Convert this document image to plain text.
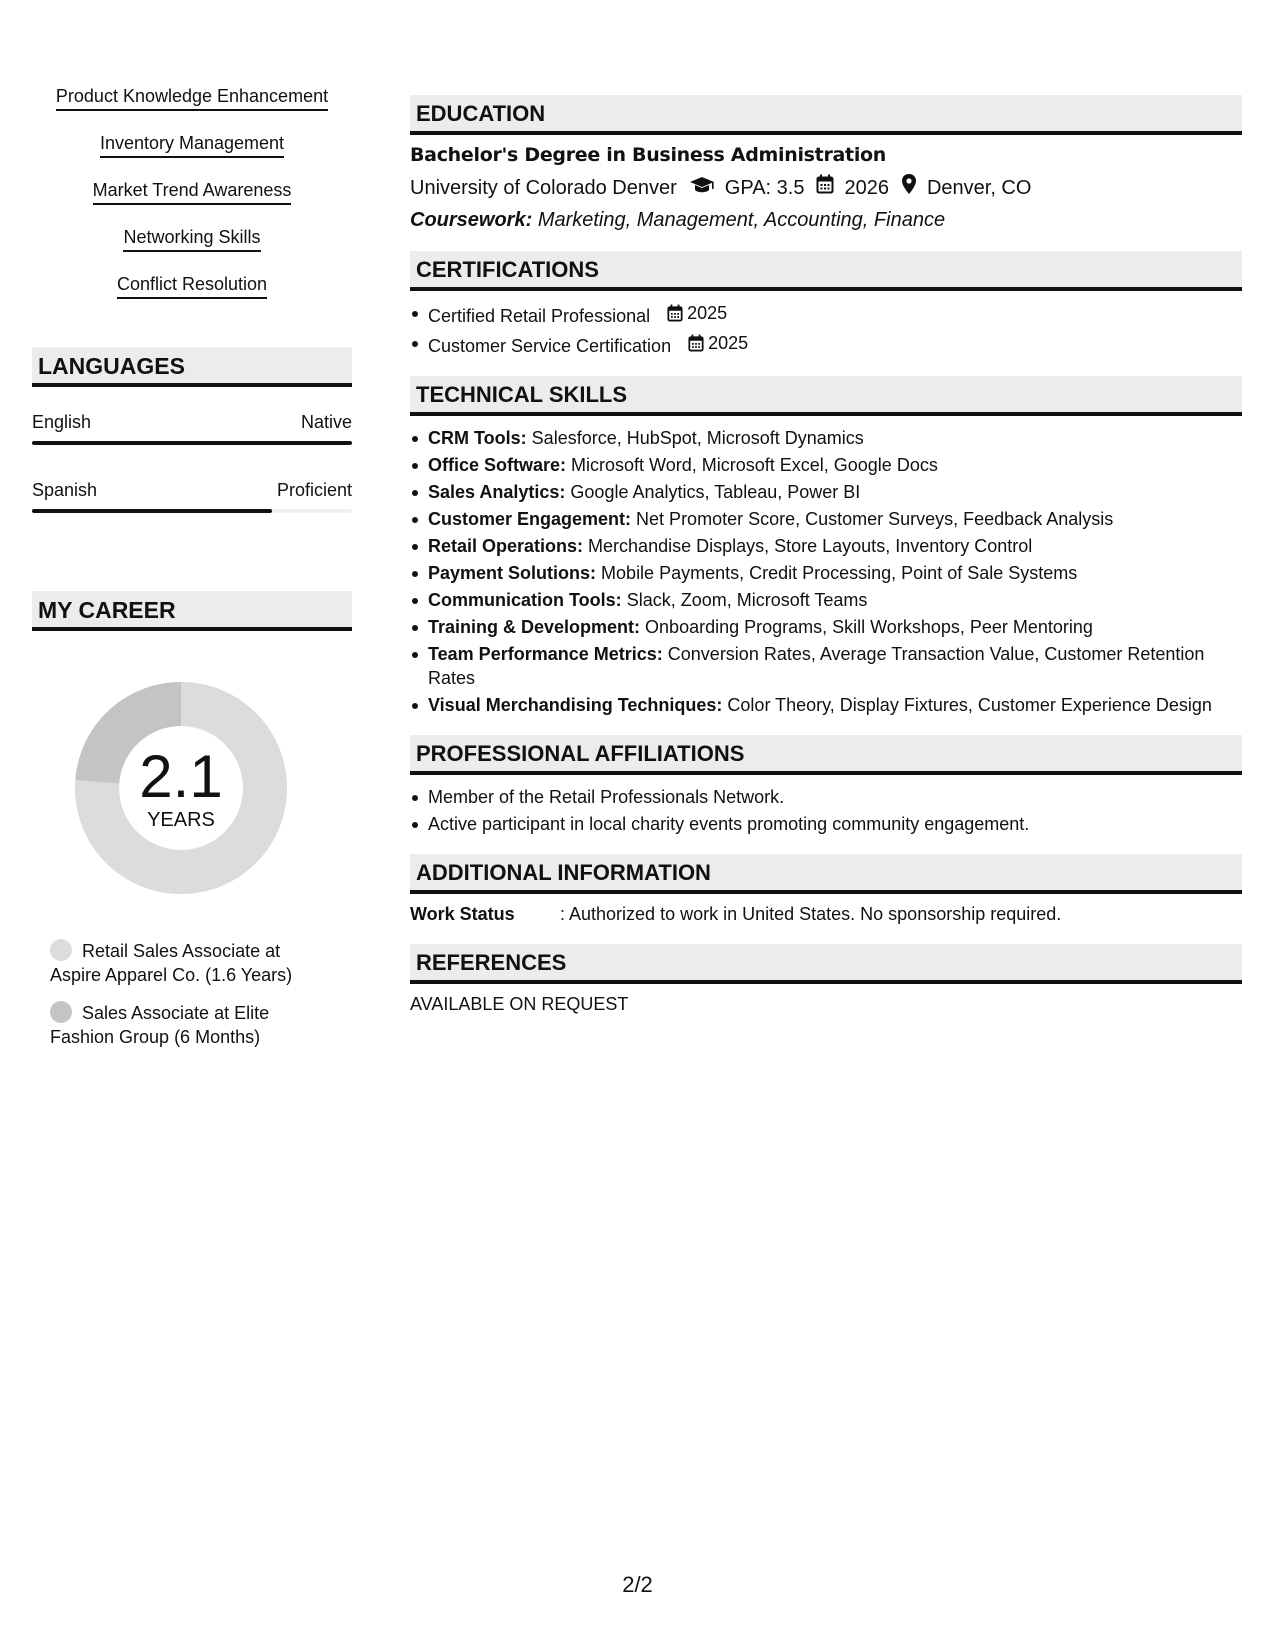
Product Knowledge Enhancement
Inventory Management
Market Trend Awareness
Networking Skills
Conflict Resolution
LANGUAGES
English	Native
Spanish	Proficient
MY CAREER
2.1
YEARS
Retail Sales Associate at Aspire Apparel Co. (1.6 Years)
Sales Associate at Elite Fashion Group (6 Months)
EDUCATION
Bachelor's Degree in Business Administration
University of Colorado Denver GPA: 3.5 2026 Denver, CO
Coursework: Marketing, Management, Accounting, Finance
CERTIFICATIONS
Certified Retail Professional 2025
Customer Service Certification 2025
TECHNICAL SKILLS
CRM Tools: Salesforce, HubSpot, Microsoft Dynamics
Office Software: Microsoft Word, Microsoft Excel, Google Docs
Sales Analytics: Google Analytics, Tableau, Power BI
Customer Engagement: Net Promoter Score, Customer Surveys, Feedback Analysis
Retail Operations: Merchandise Displays, Store Layouts, Inventory Control
Payment Solutions: Mobile Payments, Credit Processing, Point of Sale Systems
Communication Tools: Slack, Zoom, Microsoft Teams
Training & Development: Onboarding Programs, Skill Workshops, Peer Mentoring
Team Performance Metrics: Conversion Rates, Average Transaction Value, Customer Retention Rates
Visual Merchandising Techniques: Color Theory, Display Fixtures, Customer Experience Design
PROFESSIONAL AFFILIATIONS
Member of the Retail Professionals Network.
Active participant in local charity events promoting community engagement.
ADDITIONAL INFORMATION
Work Status	: Authorized to work in United States. No sponsorship required.
REFERENCES
AVAILABLE ON REQUEST
2/2
